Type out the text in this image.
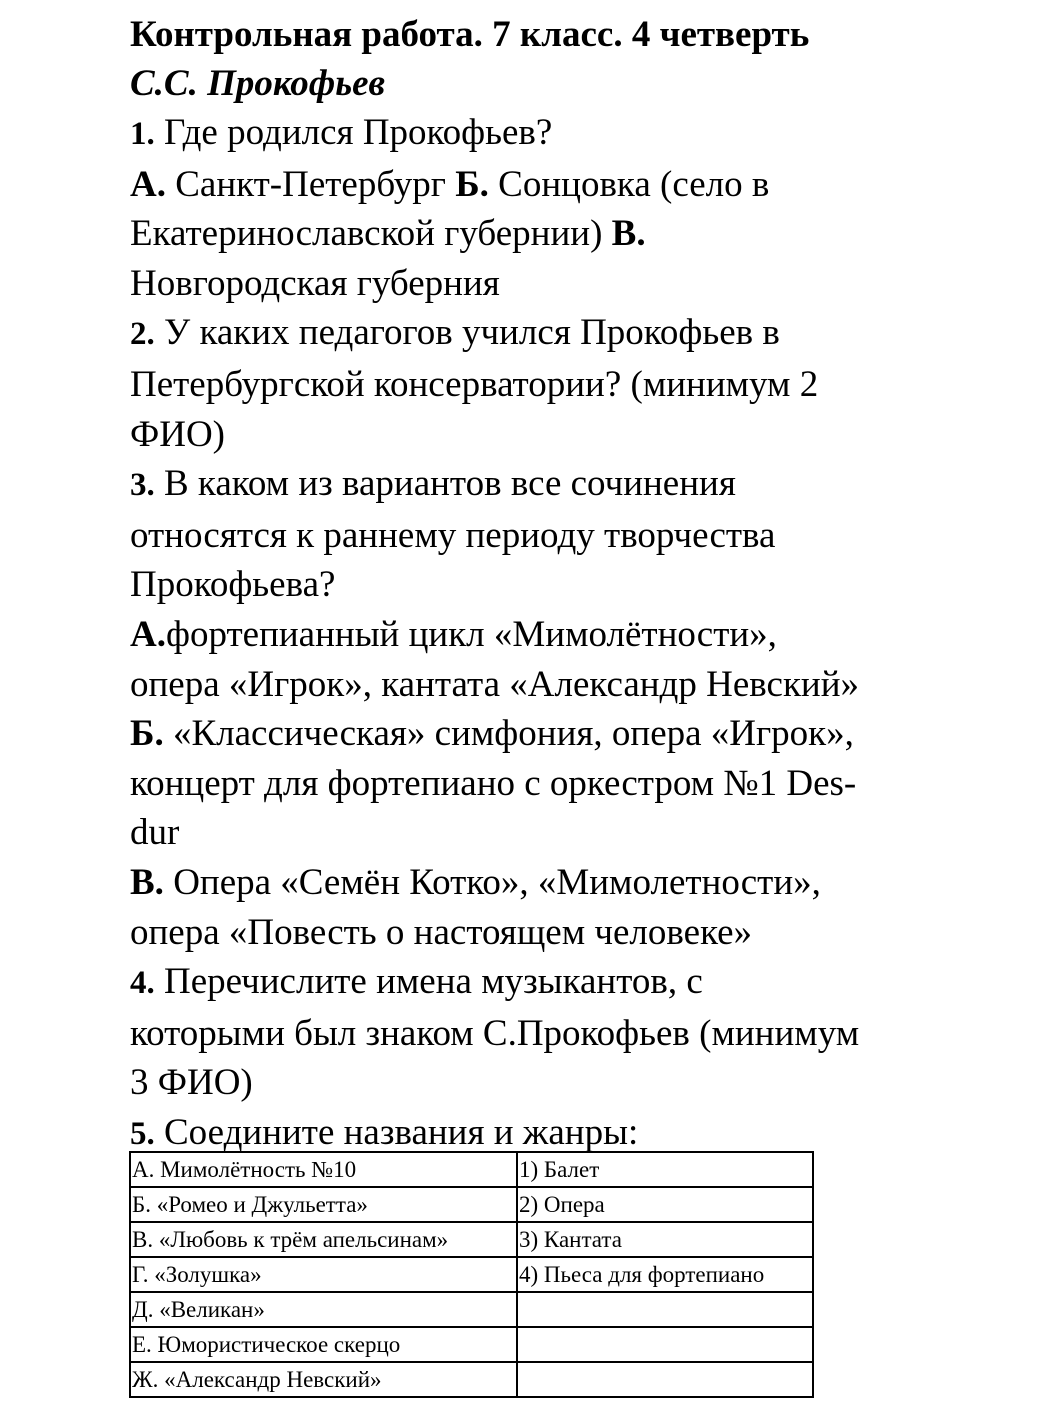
Контрольная работа. 7 класс. 4 четверть
С.С. Прокофьев
1. Где родился Прокофьев?
А. Санкт-Петербург Б. Сонцовка (село в
Екатеринославской губернии) В.
Новгородская губерния
2. У каких педагогов учился Прокофьев в
Петербургской консерватории? (минимум 2
ФИО)
3. В каком из вариантов все сочинения
относятся к раннему периоду творчества
Прокофьева?
А.фортепианный цикл «Мимолётности»,
опера «Игрок», кантата «Александр Невский»
Б. «Классическая» симфония, опера «Игрок»,
концерт для фортепиано с оркестром №1 Des-
dur
В. Опера «Семён Котко», «Мимолетности»,
опера «Повесть о настоящем человеке»
4. Перечислите имена музыкантов, с
которыми был знаком С.Прокофьев (минимум
3 ФИО)
5. Соедините названия и жанры:
А. Мимолётность №10	1) Балет
Б. «Ромео и Джульетта»	2) Опера
В. «Любовь к трём апельсинам»	3) Кантата
Г. «Золушка»	4) Пьеса для фортепиано
Д. «Великан»	
Е. Юмористическое скерцо	
Ж. «Александр Невский»	
